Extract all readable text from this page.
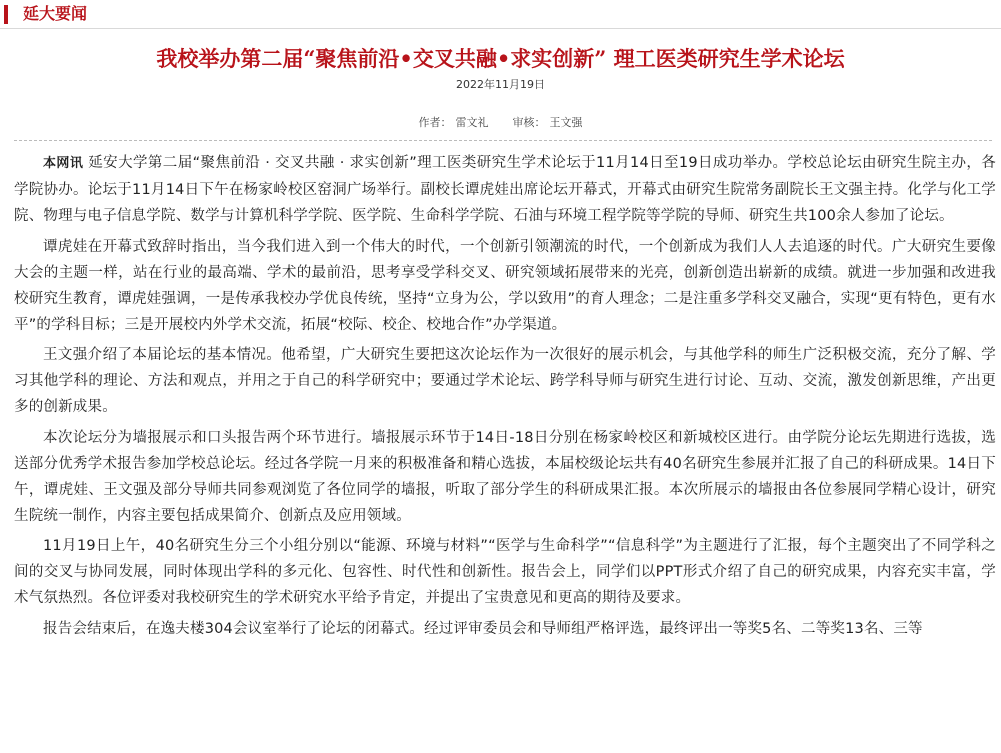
延大要闻
我校举办第二届“聚焦前沿•交叉共融•求实创新” 理工医类研究生学术论坛
2022年11月19日
作者： 雷文礼 审核： 王文强

本网讯 延安大学第二届“聚焦前沿 · 交叉共融 · 求实创新”理工医类研究生学术论坛于11月14日至19日成功举办。学校总论坛由研究生院主办，各学院协办。论坛于11月14日下午在杨家岭校区窑洞广场举行。副校长谭虎娃出席论坛开幕式，开幕式由研究生院常务副院长王文强主持。化学与化工学院、物理与电子信息学院、数学与计算机科学学院、医学院、生命科学学院、石油与环境工程学院等学院的导师、研究生共100余人参加了论坛。

谭虎娃在开幕式致辞时指出，当今我们进入到一个伟大的时代，一个创新引领潮流的时代，一个创新成为我们人人去追逐的时代。广大研究生要像大会的主题一样，站在行业的最高端、学术的最前沿，思考享受学科交叉、研究领域拓展带来的光亮，创新创造出崭新的成绩。就进一步加强和改进我校研究生教育，谭虎娃强调，一是传承我校办学优良传统，坚持“立身为公，学以致用”的育人理念；二是注重多学科交叉融合，实现“更有特色，更有水平”的学科目标；三是开展校内外学术交流，拓展“校际、校企、校地合作”办学渠道。

王文强介绍了本届论坛的基本情况。他希望，广大研究生要把这次论坛作为一次很好的展示机会，与其他学科的师生广泛积极交流，充分了解、学习其他学科的理论、方法和观点，并用之于自己的科学研究中；要通过学术论坛、跨学科导师与研究生进行讨论、互动、交流，激发创新思维，产出更多的创新成果。

本次论坛分为墙报展示和口头报告两个环节进行。墙报展示环节于14日-18日分别在杨家岭校区和新城校区进行。由学院分论坛先期进行选拔，选送部分优秀学术报告参加学校总论坛。经过各学院一月来的积极准备和精心选拔，本届校级论坛共有40名研究生参展并汇报了自己的科研成果。14日下午，谭虎娃、王文强及部分导师共同参观浏览了各位同学的墙报，听取了部分学生的科研成果汇报。本次所展示的墙报由各位参展同学精心设计，研究生院统一制作，内容主要包括成果简介、创新点及应用领域。

11月19日上午，40名研究生分三个小组分别以“能源、环境与材料”“医学与生命科学”“信息科学”为主题进行了汇报，每个主题突出了不同学科之间的交叉与协同发展，同时体现出学科的多元化、包容性、时代性和创新性。报告会上，同学们以PPT形式介绍了自己的研究成果，内容充实丰富，学术气氛热烈。各位评委对我校研究生的学术研究水平给予肯定，并提出了宝贵意见和更高的期待及要求。

报告会结束后，在逸夫楼304会议室举行了论坛的闭幕式。经过评审委员会和导师组严格评选，最终评出一等奖5名、二等奖13名、三等
